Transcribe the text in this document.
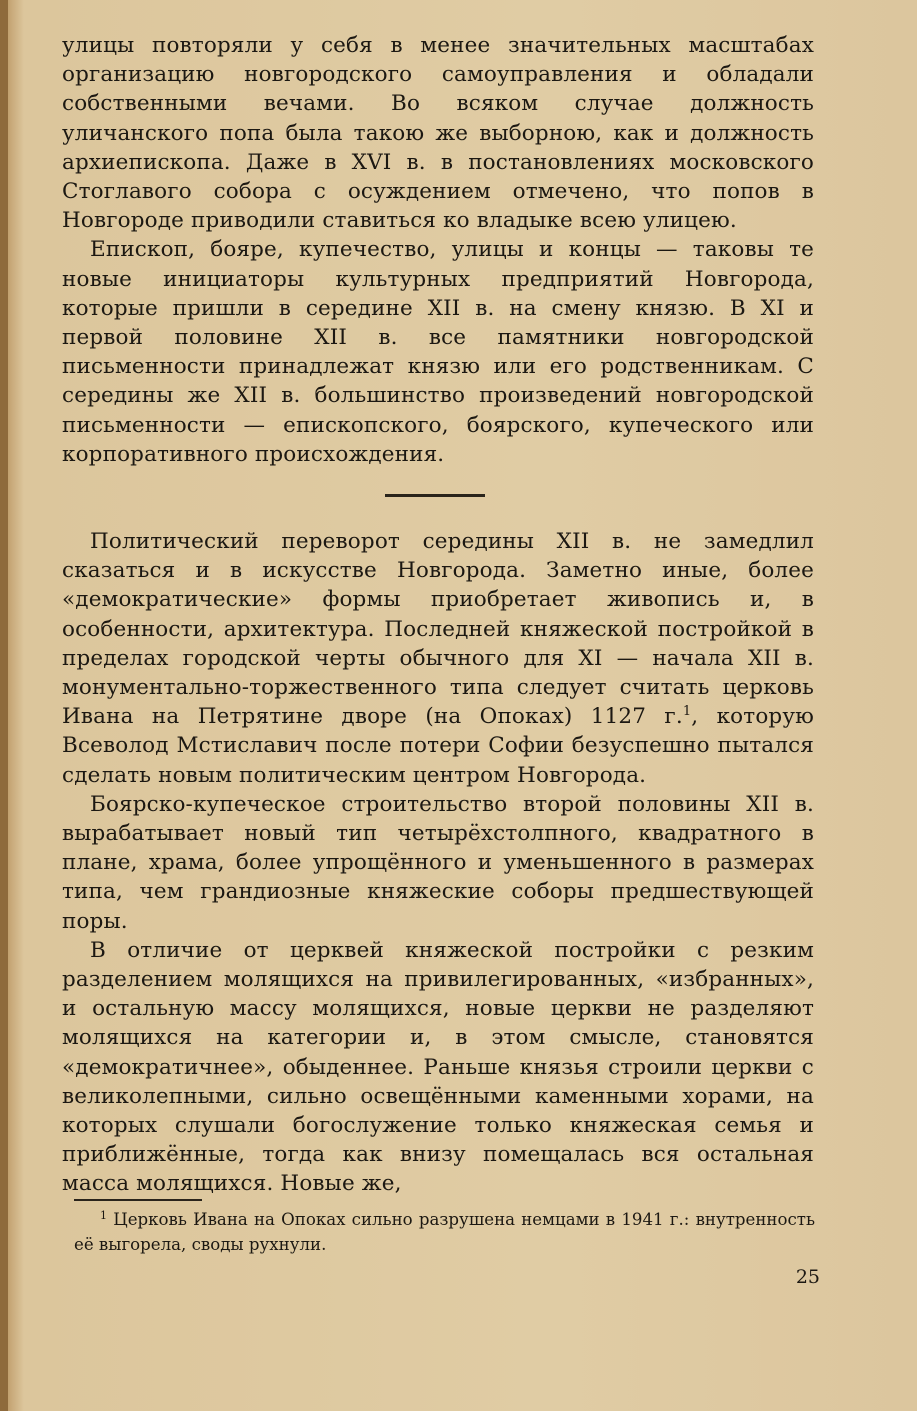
улицы повторяли у себя в менее значительных масштабах организацию новгородского самоуправления и обладали собственными вечами. Во всяком случае должность уличанского попа была такою же выборною, как и должность архиепископа. Даже в XVI в. в постановлениях московского Стоглавого собора с осуждением отмечено, что попов в Новгороде приводили ставиться ко владыке всею улицею.

Епископ, бояре, купечество, улицы и концы — таковы те новые инициаторы культурных предприятий Новгорода, которые пришли в середине XII в. на смену князю. В XI и первой половине XII в. все памятники новгородской письменности принадлежат князю или его родственникам. С середины же XII в. большинство произведений новгородской письменности — епископского, боярского, купеческого или корпоративного происхождения.

Политический переворот середины XII в. не замедлил сказаться и в искусстве Новгорода. Заметно иные, более «демократические» формы приобретает живопись и, в особенности, архитектура. Последней княжеской постройкой в пределах городской черты обычного для XI — начала XII в. монументально-торжественного типа следует считать церковь Ивана на Петрятине дворе (на Опоках) 1127 г.$^1$, которую Всеволод Мстиславич после потери Софии безуспешно пытался сделать новым политическим центром Новгорода.

Боярско-купеческое строительство второй половины XII в. вырабатывает новый тип четырёхстолпного, квадратного в плане, храма, более упрощённого и уменьшенного в размерах типа, чем грандиозные княжеские соборы предшествующей поры.

В отличие от церквей княжеской постройки с резким разделением молящихся на привилегированных, «избранных», и остальную массу молящихся, новые церкви не разделяют молящихся на категории и, в этом смысле, становятся «демократичнее», обыденнее. Раньше князья строили церкви с великолепными, сильно освещёнными каменными хорами, на которых слушали богослужение только княжеская семья и приближённые, тогда как внизу помещалась вся остальная масса молящихся. Новые же,

$^1$ Церковь Ивана на Опоках сильно разрушена немцами в 1941 г.: внутренность её выгорела, своды рухнули.

25
